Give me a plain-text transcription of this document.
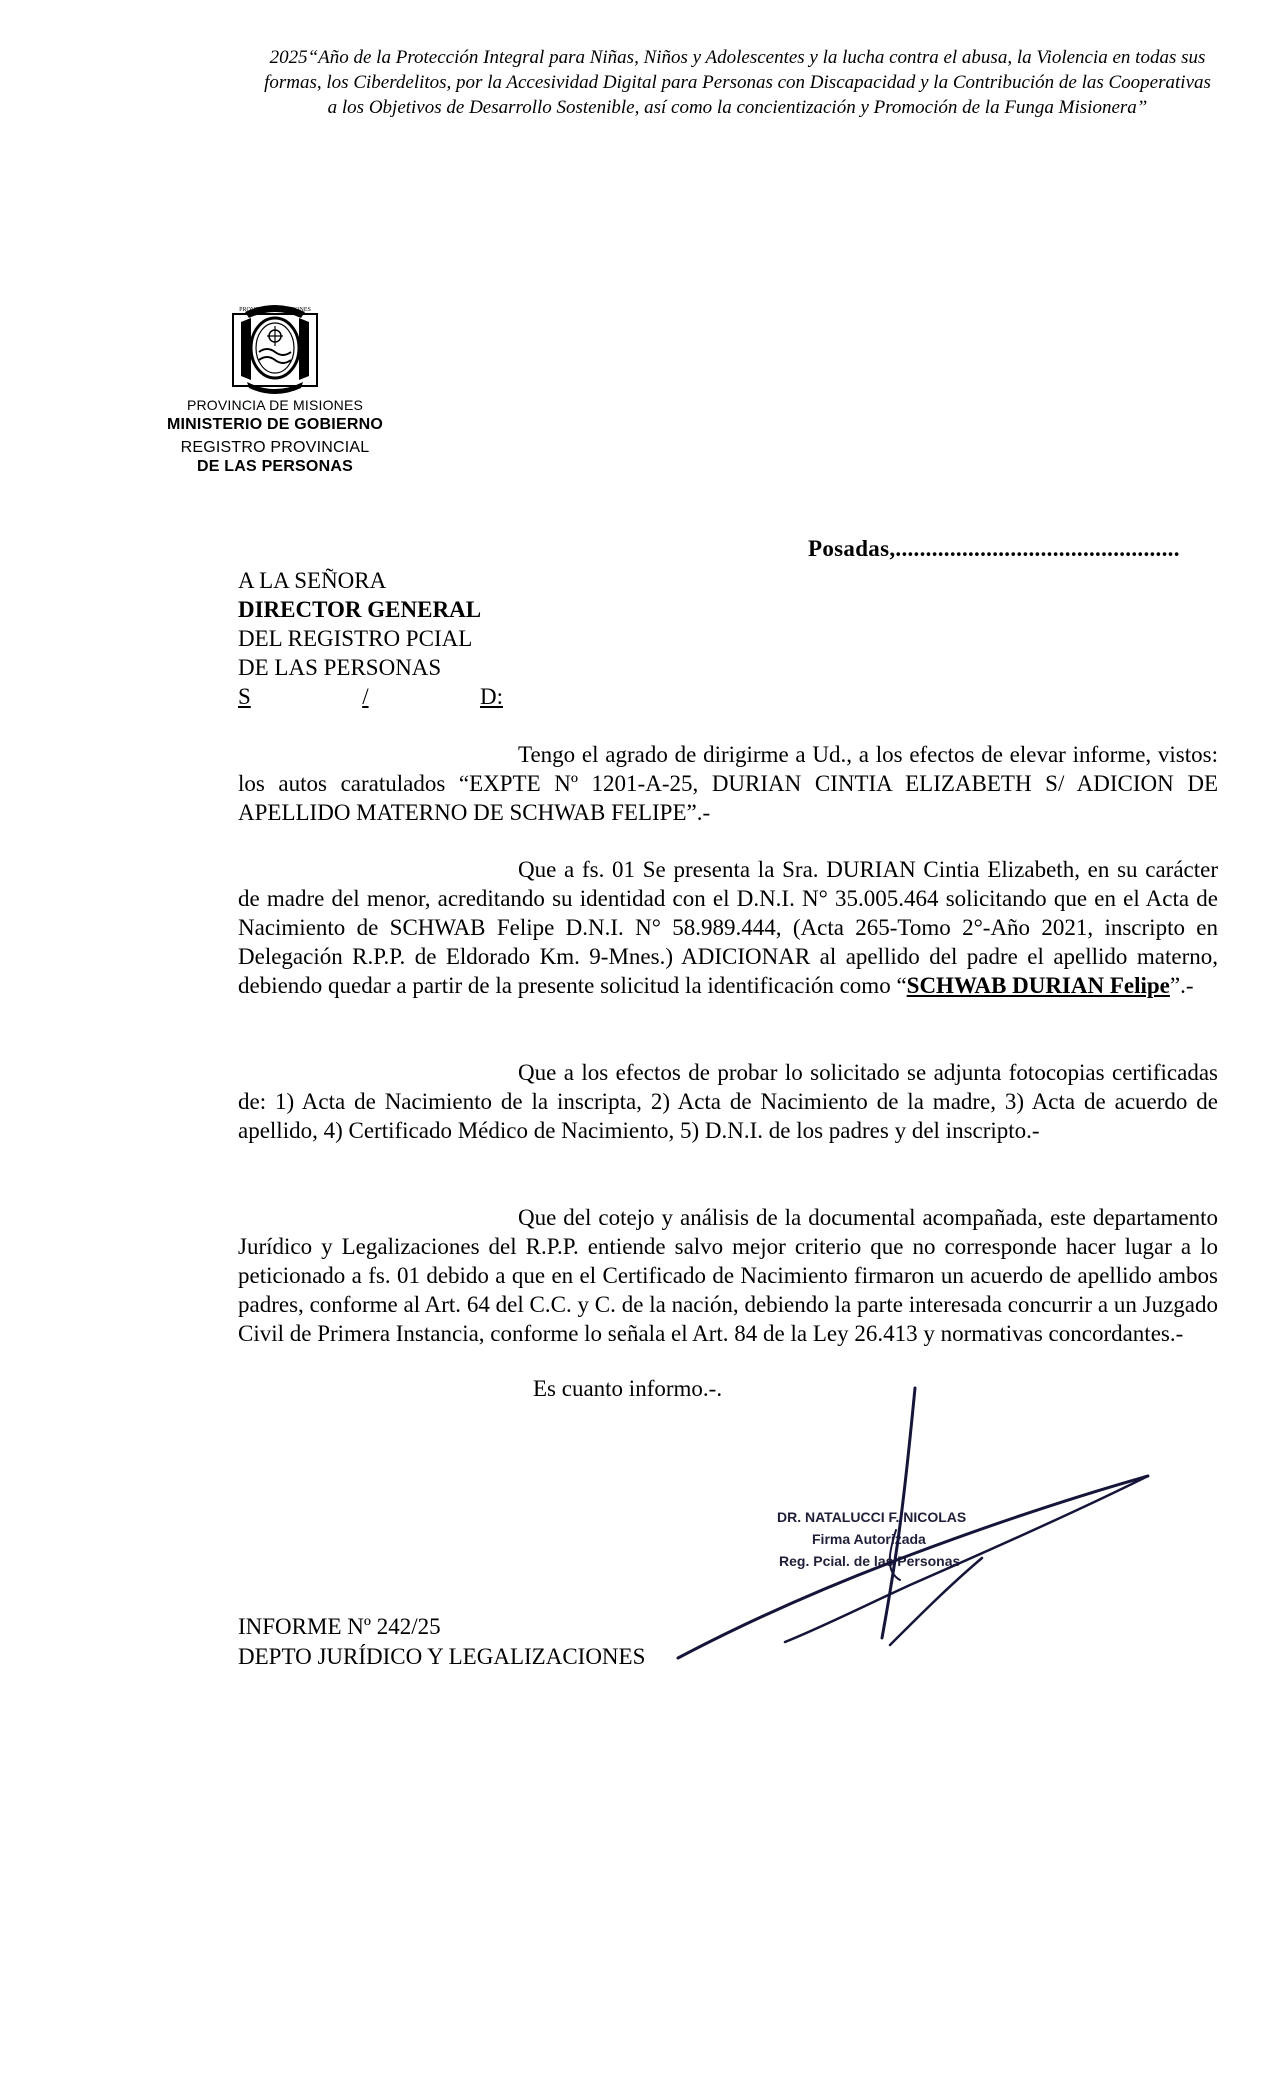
2025“Año de la Protección Integral para Niñas, Niños y Adolescentes y la lucha contra el abusa, la Violencia en todas sus formas, los Ciberdelitos, por la Accesividad Digital para Personas con Discapacidad y la Contribución de las Cooperativas a los Objetivos de Desarrollo Sostenible, así como la concientización y Promoción de la Funga Misionera”
PROVINCIA DE MISIONES
PROVINCIA DE MISIONES
MINISTERIO DE GOBIERNO
REGISTRO PROVINCIAL
DE LAS PERSONAS
Posadas,...............................................
A LA SEÑORA
DIRECTOR GENERAL
DEL REGISTRO PCIAL
DE LAS PERSONAS
S	/	D:
Tengo el agrado de dirigirme a Ud., a los efectos de elevar informe, vistos: los autos caratulados “EXPTE Nº 1201-A-25, DURIAN CINTIA ELIZABETH S/ ADICION DE APELLIDO MATERNO DE SCHWAB FELIPE”.-
Que a fs. 01 Se presenta la Sra. DURIAN Cintia Elizabeth, en su carácter de madre del menor, acreditando su identidad con el D.N.I. N° 35.005.464 solicitando que en el Acta de Nacimiento de SCHWAB Felipe D.N.I. N° 58.989.444, (Acta 265-Tomo 2°-Año 2021, inscripto en Delegación R.P.P. de Eldorado Km. 9-Mnes.) ADICIONAR al apellido del padre el apellido materno, debiendo quedar a partir de la presente solicitud la identificación como “SCHWAB DURIAN Felipe”.-
Que a los efectos de probar lo solicitado se adjunta fotocopias certificadas de: 1) Acta de Nacimiento de la inscripta, 2) Acta de Nacimiento de la madre, 3) Acta de acuerdo de apellido, 4) Certificado Médico de Nacimiento, 5) D.N.I. de los padres y del inscripto.-
Que del cotejo y análisis de la documental acompañada, este departamento Jurídico y Legalizaciones del R.P.P. entiende salvo mejor criterio que no corresponde hacer lugar a lo peticionado a fs. 01 debido a que en el Certificado de Nacimiento firmaron un acuerdo de apellido ambos padres, conforme al Art. 64 del C.C. y C. de la nación, debiendo la parte interesada concurrir a un Juzgado Civil de Primera Instancia, conforme lo señala el Art. 84 de la Ley 26.413 y normativas concordantes.-
Es cuanto informo.-.
DR. NATALUCCI F. NICOLAS
Firma Autorizada
Reg. Pcial. de las Personas
INFORME Nº 242/25
DEPTO JURÍDICO Y LEGALIZACIONES
